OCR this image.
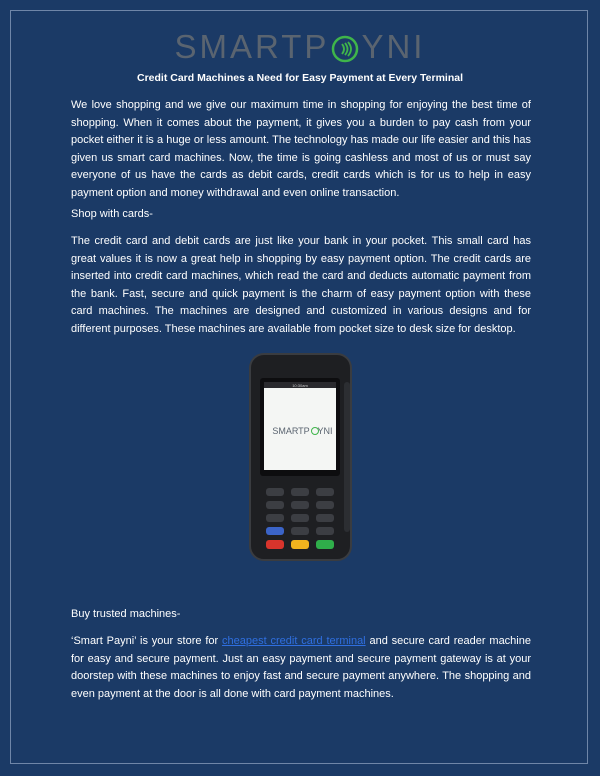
SMARTP YNI
Credit Card Machines a Need for Easy Payment at Every Terminal

We love shopping and we give our maximum time in shopping for enjoying the best time of shopping. When it comes about the payment, it gives you a burden to pay cash from your pocket either it is a huge or less amount. The technology has made our life easier and this has given us smart card machines. Now, the time is going cashless and most of us or must say everyone of us have the cards as debit cards, credit cards which is for us to help in easy payment option and money withdrawal and even online transaction.

Shop with cards-

The credit card and debit cards are just like your bank in your pocket. This small card has great values it is now a great help in shopping by easy payment option. The credit cards are inserted into credit card machines, which read the card and deducts automatic payment from the bank. Fast, secure and quick payment is the charm of easy payment option with these card machines. The machines are designed and customized in various designs and for different purposes. These machines are available from pocket size to desk size for desktop.

10:30am
SMARTP YNI

Buy trusted machines-

‘Smart Payni’ is your store for cheapest credit card terminal and secure card reader machine for easy and secure payment. Just an easy payment and secure payment gateway is at your doorstep with these machines to enjoy fast and secure payment anywhere. The shopping and even payment at the door is all done with card payment machines.
